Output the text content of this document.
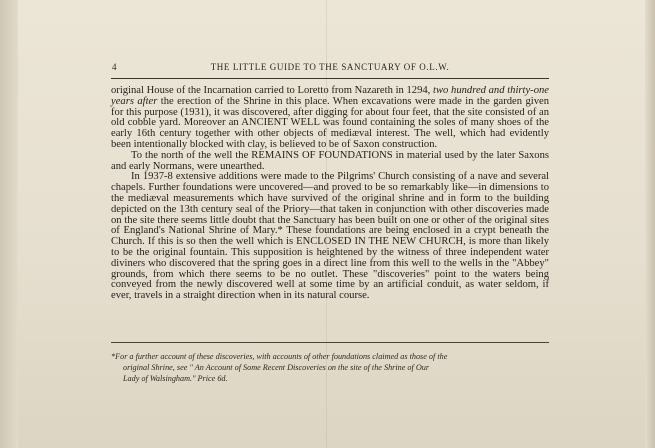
4	THE LITTLE GUIDE TO THE SANCTUARY OF O.L.W.

original House of the Incarnation carried to Loretto from Nazareth in 1294, two hundred and thirty-one years after the erection of the Shrine in this place. When excavations were made in the garden given for this purpose (1931), it was discovered, after digging for about four feet, that the site consisted of an old cobble yard. Moreover an ANCIENT WELL was found containing the soles of many shoes of the early 16th century together with other objects of mediæval interest. The well, which had evidently been intentionally blocked with clay, is believed to be of Saxon construction.

To the north of the well the REMAINS OF FOUNDATIONS in material used by the later Saxons and early Normans, were unearthed.

In 1937-8 extensive additions were made to the Pilgrims' Church consisting of a nave and several chapels. Further foundations were uncovered—and proved to be so remarkably like—in dimensions to the mediæval measurements which have survived of the original shrine and in form to the building depicted on the 13th century seal of the Priory—that taken in conjunction with other discoveries made on the site there seems little doubt that the Sanctuary has been built on one or other of the original sites of England's National Shrine of Mary.* These foundations are being enclosed in a crypt beneath the Church. If this is so then the well which is ENCLOSED IN THE NEW CHURCH, is more than likely to be the original fountain. This supposition is heightened by the witness of three independent water diviners who discovered that the spring goes in a direct line from this well to the wells in the "Abbey" grounds, from which there seems to be no outlet. These "discoveries" point to the waters being conveyed from the newly discovered well at some time by an artificial conduit, as water seldom, if ever, travels in a straight direction when in its natural course.

*For a further account of these discoveries, with accounts of other foundations claimed as those of the
original Shrine, see " An Account of Some Recent Discoveries on the site of the Shrine of Our
Lady of Walsingham." Price 6d.
